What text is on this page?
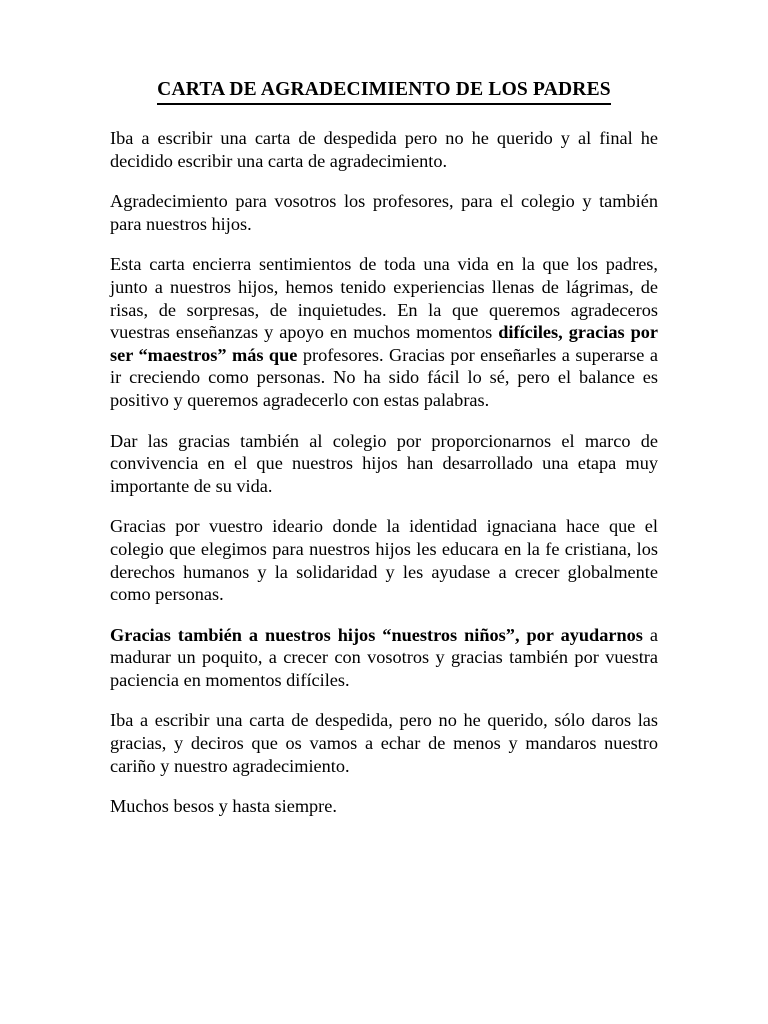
CARTA DE AGRADECIMIENTO DE LOS PADRES

Iba a escribir una carta de despedida pero no he querido y al final he decidido escribir una carta de agradecimiento.

Agradecimiento para vosotros los profesores, para el colegio y también para nuestros hijos.

Esta carta encierra sentimientos de toda una vida en la que los padres, junto a nuestros hijos, hemos tenido experiencias llenas de lágrimas, de risas, de sorpresas, de inquietudes. En la que queremos agradeceros vuestras enseñanzas y apoyo en muchos momentos difíciles, gracias por ser “maestros” más que profesores. Gracias por enseñarles a superarse a ir creciendo como personas. No ha sido fácil lo sé, pero el balance es positivo y queremos agradecerlo con estas palabras.

Dar las gracias también al colegio por proporcionarnos el marco de convivencia en el que nuestros hijos han desarrollado una etapa muy importante de su vida.

Gracias por vuestro ideario donde la identidad ignaciana hace que el colegio que elegimos para nuestros hijos les educara en la fe cristiana, los derechos humanos y la solidaridad y les ayudase a crecer globalmente como personas.

Gracias también a nuestros hijos “nuestros niños”, por ayudarnos a madurar un poquito, a crecer con vosotros y gracias también por vuestra paciencia en momentos difíciles.

Iba a escribir una carta de despedida, pero no he querido, sólo daros las gracias, y deciros que os vamos a echar de menos y mandaros nuestro cariño y nuestro agradecimiento.

Muchos besos y hasta siempre.
